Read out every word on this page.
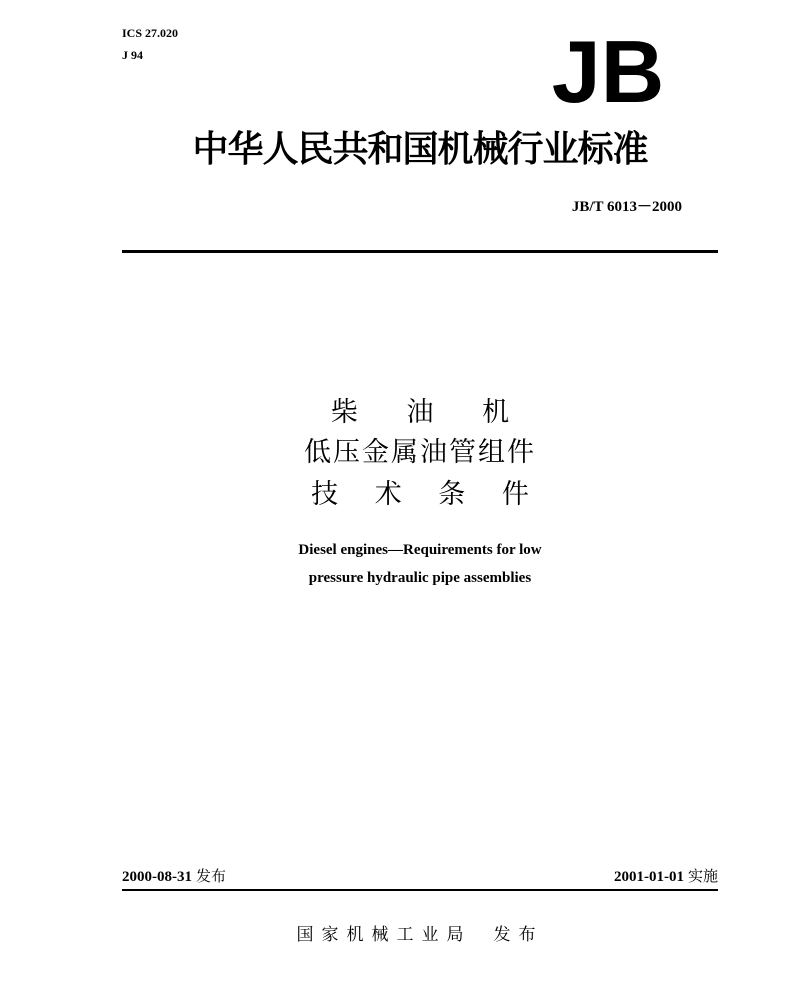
ICS 27.020
J 94	JB
中华人民共和国机械行业标准
JB/T 6013－2000
柴 油 机
低压金属油管组件
技 术 条 件
Diesel engines—Requirements for low
pressure hydraulic pipe assemblies
2000-08-31 发布	2001-01-01 实施
国家机械工业局 发布
